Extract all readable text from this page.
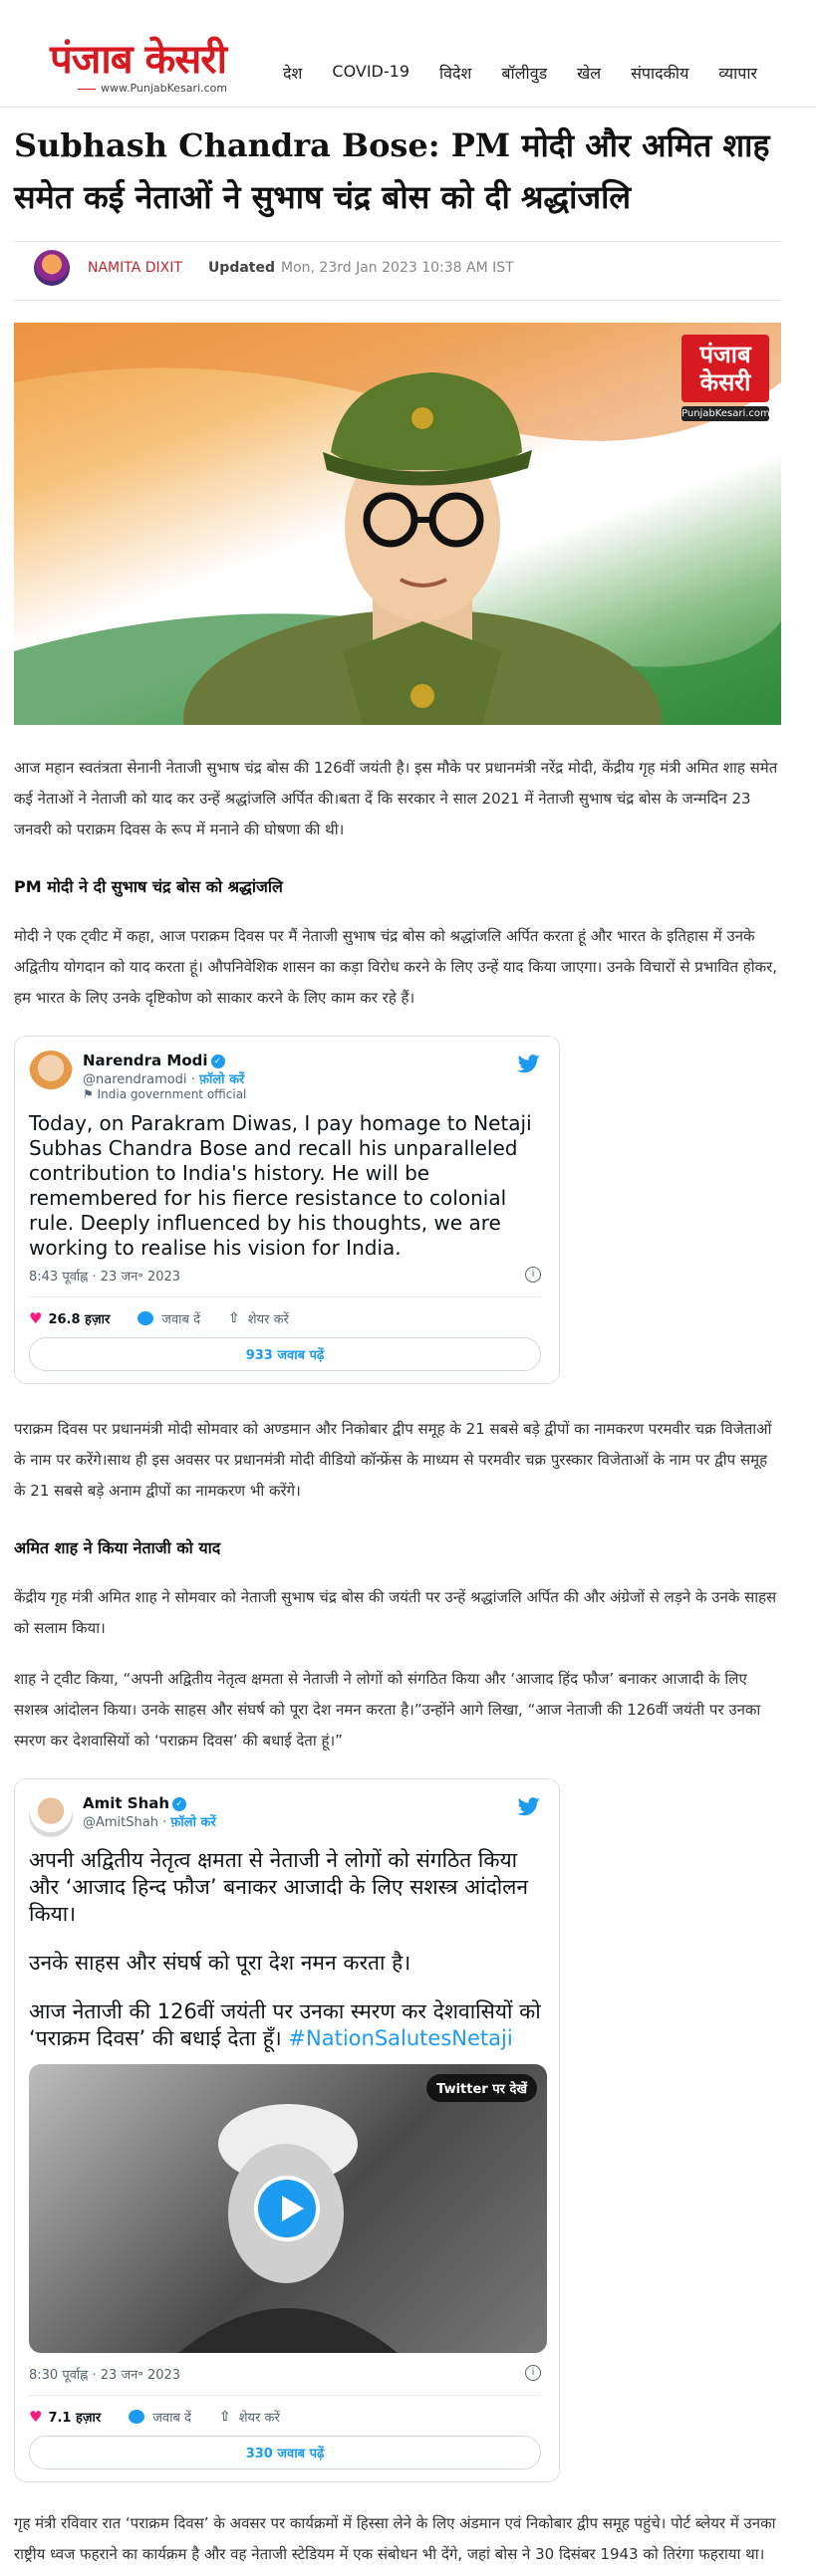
पंजाब केसरी
www.PunjabKesari.com
देश COVID-19 विदेश बॉलीवुड खेल संपादकीय व्यापार
Subhash Chandra Bose: PM मोदी और अमित शाह समेत कई नेताओं ने सुभाष चंद्र बोस को दी श्रद्धांजलि
NAMITA DIXIT Updated Mon, 23rd Jan 2023 10:38 AM IST
पंजाब केसरी
PunjabKesari.com

आज महान स्वतंत्रता सेनानी नेताजी सुभाष चंद्र बोस की 126वीं जयंती है। इस मौके पर प्रधानमंत्री नरेंद्र मोदी, केंद्रीय गृह मंत्री अमित शाह समेत कई नेताओं ने नेताजी को याद कर उन्हें श्रद्धांजलि अर्पित की।बता दें कि सरकार ने साल 2021 में नेताजी सुभाष चंद्र बोस के जन्मदिन 23 जनवरी को पराक्रम दिवस के रूप में मनाने की घोषणा की थी।

PM मोदी ने दी सुभाष चंद्र बोस को श्रद्धांजलि

मोदी ने एक ट्वीट में कहा, आज पराक्रम दिवस पर मैं नेताजी सुभाष चंद्र बोस को श्रद्धांजलि अर्पित करता हूं और भारत के इतिहास में उनके अद्वितीय योगदान को याद करता हूं। औपनिवेशिक शासन का कड़ा विरोध करने के लिए उन्हें याद किया जाएगा। उनके विचारों से प्रभावित होकर, हम भारत के लिए उनके दृष्टिकोण को साकार करने के लिए काम कर रहे हैं।

Narendra Modi ✓
@narendramodi · फ़ॉलो करें
⚑ India government official
Today, on Parakram Diwas, I pay homage to Netaji Subhas Chandra Bose and recall his unparalleled contribution to India's history. He will be remembered for his fierce resistance to colonial rule. Deeply influenced by his thoughts, we are working to realise his vision for India.
8:43 पूर्वाह्न · 23 जन॰ 2023	i
♥ 26.8 हज़ार	जवाब दें ⇧ शेयर करें
933 जवाब पढ़ें

पराक्रम दिवस पर प्रधानमंत्री मोदी सोमवार को अण्डमान और निकोबार द्वीप समूह के 21 सबसे बड़े द्वीपों का नामकरण परमवीर चक्र विजेताओं के नाम पर करेंगे।साथ ही इस अवसर पर प्रधानमंत्री मोदी वीडियो कॉन्फ्रेंस के माध्यम से परमवीर चक्र पुरस्कार विजेताओं के नाम पर द्वीप समूह के 21 सबसे बड़े अनाम द्वीपों का नामकरण भी करेंगे।

अमित शाह ने किया नेताजी को याद

केंद्रीय गृह मंत्री अमित शाह ने सोमवार को नेताजी सुभाष चंद्र बोस की जयंती पर उन्हें श्रद्धांजलि अर्पित की और अंग्रेजों से लड़ने के उनके साहस को सलाम किया।

शाह ने ट्वीट किया, “अपनी अद्वितीय नेतृत्व क्षमता से नेताजी ने लोगों को संगठित किया और ‘आजाद हिंद फौज’ बनाकर आजादी के लिए सशस्त्र आंदोलन किया। उनके साहस और संघर्ष को पूरा देश नमन करता है।”उन्होंने आगे लिखा, “आज नेताजी की 126वीं जयंती पर उनका स्मरण कर देशवासियों को ‘पराक्रम दिवस’ की बधाई देता हूं।”

Amit Shah ✓
@AmitShah · फ़ॉलो करें
अपनी अद्वितीय नेतृत्व क्षमता से नेताजी ने लोगों को संगठित किया और ‘आजाद हिन्द फौज’ बनाकर आजादी के लिए सशस्त्र आंदोलन किया।
उनके साहस और संघर्ष को पूरा देश नमन करता है।
आज नेताजी की 126वीं जयंती पर उनका स्मरण कर देशवासियों को ‘पराक्रम दिवस’ की बधाई देता हूँ। #NationSalutesNetaji
Twitter पर देखें
8:30 पूर्वाह्न · 23 जन॰ 2023	i
♥ 7.1 हज़ार	जवाब दें ⇧ शेयर करें
330 जवाब पढ़ें

गृह मंत्री रविवार रात ‘पराक्रम दिवस’ के अवसर पर कार्यक्रमों में हिस्सा लेने के लिए अंडमान एवं निकोबार द्वीप समूह पहुंचे। पोर्ट ब्लेयर में उनका राष्ट्रीय ध्वज फहराने का कार्यक्रम है और वह नेताजी स्टेडियम में एक संबोधन भी देंगे, जहां बोस ने 30 दिसंबर 1943 को तिरंगा फहराया था।
